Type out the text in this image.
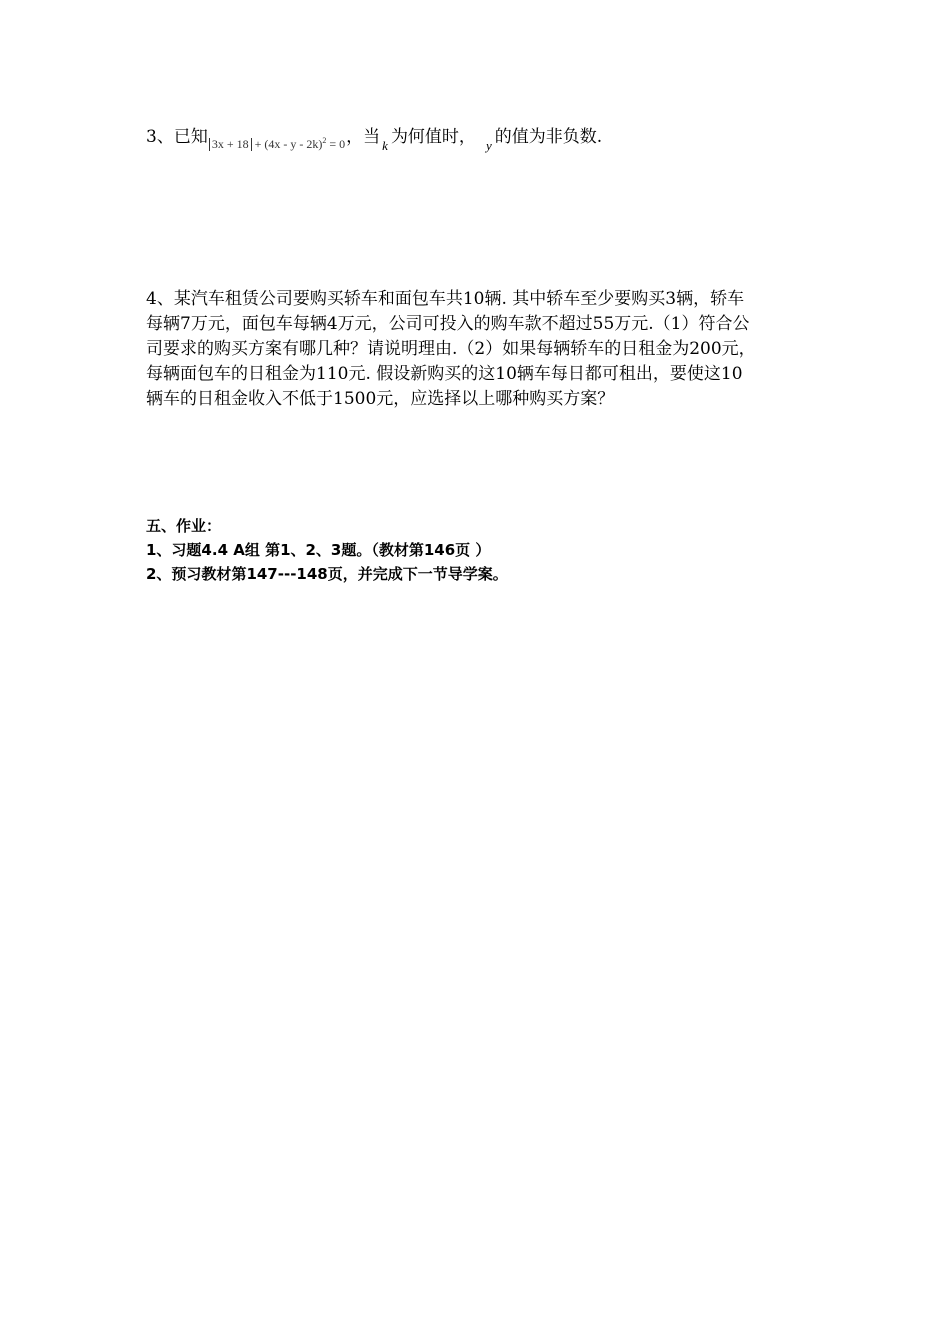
3、已知 3x + 18 + (4x - y - 2k)$^2$ = 0，当 k 为何值时， y 的值为非负数.

4、某汽车租赁公司要购买轿车和面包车共10辆. 其中轿车至少要购买3辆，轿车

每辆7万元，面包车每辆4万元，公司可投入的购车款不超过55万元.（1）符合公

司要求的购买方案有哪几种？请说明理由.（2）如果每辆轿车的日租金为200元，

每辆面包车的日租金为110元. 假设新购买的这10辆车每日都可租出，要使这10

辆车的日租金收入不低于1500元，应选择以上哪种购买方案？

五、作业：

1、习题4.4 A组 第1、2、3题。（教材第146页 ）

2、预习教材第147---148页，并完成下一节导学案。
